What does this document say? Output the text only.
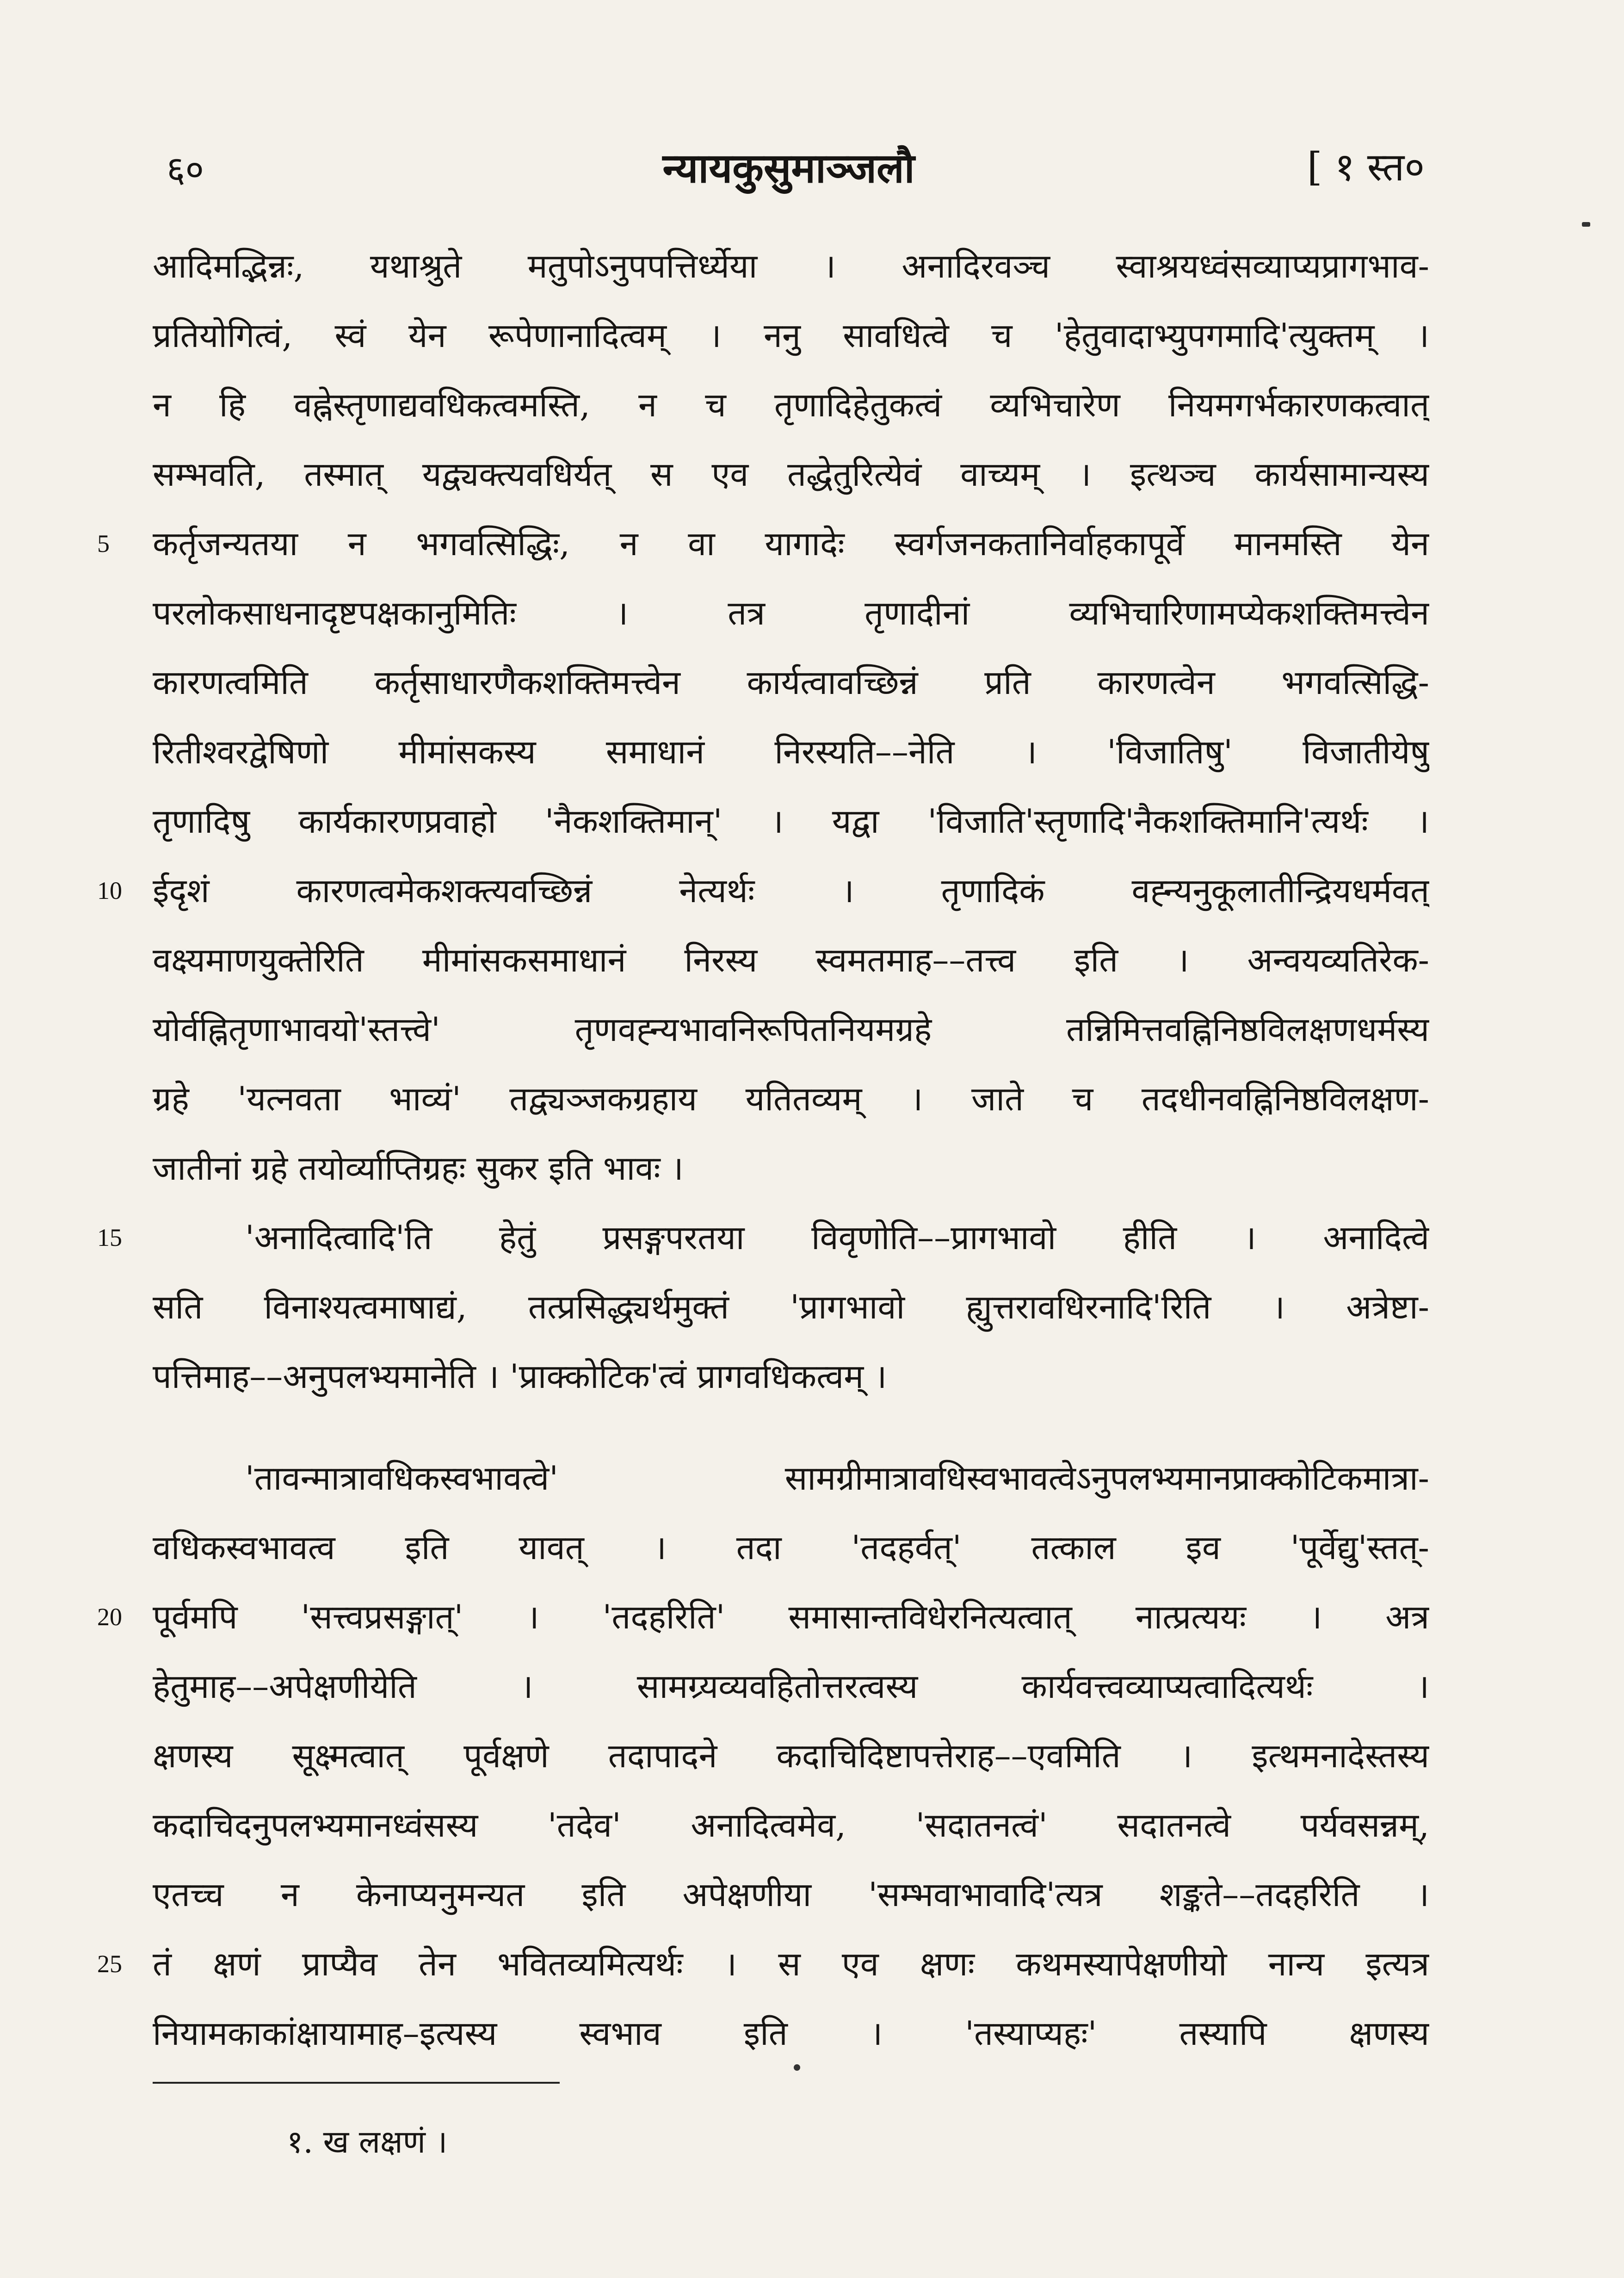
६०	न्यायकुसुमाञ्जलौ	[ १ स्त०
आदिमद्भिन्नः, यथाश्रुते मतुपोऽनुपपत्तिर्ध्येया । अनादिरवञ्च स्वाश्रयध्वंसव्याप्यप्रागभाव-
प्रतियोगित्वं, स्वं येन रूपेणानादित्वम् । ननु सावधित्वे च 'हेतुवादाभ्युपगमादि'त्युक्तम् ।
न हि वह्नेस्तृणाद्यवधिकत्वमस्ति, न च तृणादिहेतुकत्वं व्यभिचारेण नियमगर्भकारणकत्वात्
सम्भवति, तस्मात् यद्व्यक्त्यवधिर्यत् स एव तद्धेतुरित्येवं वाच्यम् । इत्थञ्च कार्यसामान्यस्य
5	कर्तृजन्यतया न भगवत्सिद्धिः, न वा यागादेः स्वर्गजनकतानिर्वाहकापूर्वे मानमस्ति येन
परलोकसाधनादृष्टपक्षकानुमितिः । तत्र तृणादीनां व्यभिचारिणामप्येकशक्तिमत्त्वेन
कारणत्वमिति कर्तृसाधारणैकशक्तिमत्त्वेन कार्यत्वावच्छिन्नं प्रति कारणत्वेन भगवत्सिद्धि-
रितीश्वरद्वेषिणो मीमांसकस्य समाधानं निरस्यति––नेति । 'विजातिषु' विजातीयेषु
तृणादिषु कार्यकारणप्रवाहो 'नैकशक्तिमान्' । यद्वा 'विजाति'स्तृणादि'नैकशक्तिमानि'त्यर्थः ।
10 ईदृशं कारणत्वमेकशक्त्यवच्छिन्नं नेत्यर्थः । तृणादिकं वह्न्यनुकूलातीन्द्रियधर्मवत्
वक्ष्यमाणयुक्तेरिति मीमांसकसमाधानं निरस्य स्वमतमाह––तत्त्व इति । अन्वयव्यतिरेक-
योर्वह्नितृणाभावयो'स्तत्त्वे' तृणवह्न्यभावनिरूपितनियमग्रहे तन्निमित्तवह्निनिष्ठविलक्षणधर्मस्य
ग्रहे 'यत्नवता भाव्यं' तद्व्यञ्जकग्रहाय यतितव्यम् । जाते च तदधीनवह्निनिष्ठविलक्षण-
जातीनां ग्रहे तयोर्व्याप्तिग्रहः सुकर इति भावः ।
15	'अनादित्वादि'ति हेतुं प्रसङ्गपरतया विवृणोति––प्रागभावो हीति । अनादित्वे
सति विनाश्यत्वमाषाद्यं, तत्प्रसिद्ध्यर्थमुक्तं 'प्रागभावो ह्युत्तरावधिरनादि'रिति । अत्रेष्टा-
पत्तिमाह––अनुपलभ्यमानेति । 'प्राक्कोटिक'त्वं प्रागवधिकत्वम् ।
'तावन्मात्रावधिकस्वभावत्वे' सामग्रीमात्रावधिस्वभावत्वेऽनुपलभ्यमानप्राक्कोटिकमात्रा-
वधिकस्वभावत्व इति यावत् । तदा 'तदहर्वत्' तत्काल इव 'पूर्वेद्यु'स्तत्-
20 पूर्वमपि 'सत्त्वप्रसङ्गात्' । 'तदहरिति' समासान्तविधेरनित्यत्वात् नात्प्रत्ययः । अत्र
हेतुमाह––अपेक्षणीयेति । सामग्र्यव्यवहितोत्तरत्वस्य कार्यवत्त्वव्याप्यत्वादित्यर्थः ।
क्षणस्य सूक्ष्मत्वात् पूर्वक्षणे तदापादने कदाचिदिष्टापत्तेराह––एवमिति । इत्थमनादेस्तस्य
कदाचिदनुपलभ्यमानध्वंसस्य 'तदेव' अनादित्वमेव, 'सदातनत्वं' सदातनत्वे पर्यवसन्नम्,
एतच्च न केनाप्यनुमन्यत इति अपेक्षणीया 'सम्भवाभावादि'त्यत्र शङ्कते––तदहरिति ।
25 तं क्षणं प्राप्यैव तेन भवितव्यमित्यर्थः । स एव क्षणः कथमस्यापेक्षणीयो नान्य इत्यत्र
नियामकाकांक्षायामाह–इत्यस्य स्वभाव इति । 'तस्याप्यहः' तस्यापि क्षणस्य
१. ख लक्षणं ।
